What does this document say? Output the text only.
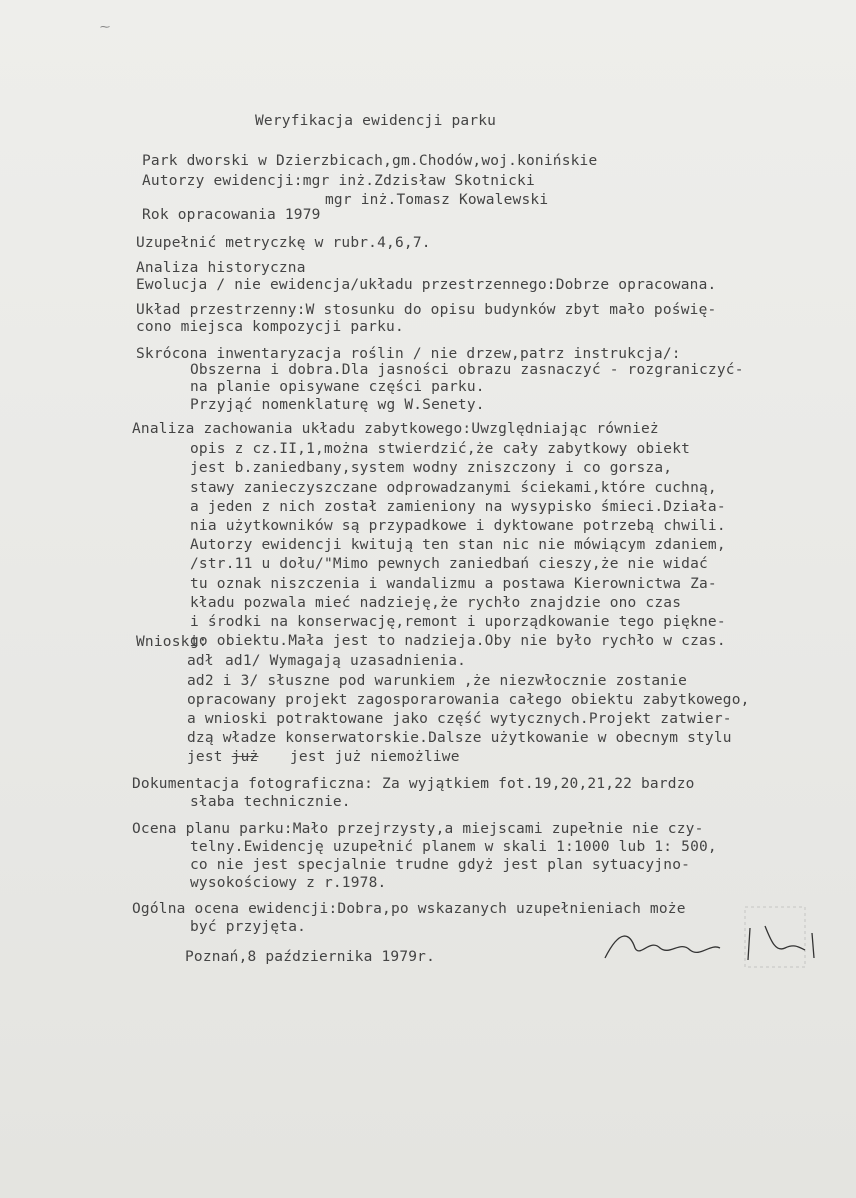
⁓
Weryfikacja ewidencji parku
Park dworski w Dzierzbicach,gm.Chodów,woj.konińskie
Autorzy ewidencji:mgr inż.Zdzisław Skotnicki
mgr inż.Tomasz Kowalewski
Rok opracowania 1979
Uzupełnić metryczkę w rubr.4,6,7.
Analiza historyczna
Ewolucja / nie ewidencja/układu przestrzennego:Dobrze opracowana.
Układ przestrzenny:W stosunku do opisu budynków zbyt mało poświę-
cono miejsca kompozycji parku.
Skrócona inwentaryzacja roślin / nie drzew,patrz instrukcja/:
Obszerna i dobra.Dla jasności obrazu zasnaczyć - rozgraniczyć-
na planie opisywane części parku.
Przyjąć nomenklaturę wg W.Senety.
Analiza zachowania układu zabytkowego:Uwzględniając również
opis z cz.II,1,można stwierdzić,że cały zabytkowy obiekt
jest b.zaniedbany,system wodny zniszczony i co gorsza,
stawy zanieczyszczane odprowadzanymi ściekami,które cuchną,
a jeden z nich został zamieniony na wysypisko śmieci.Działa-
nia użytkowników są przypadkowe i dyktowane potrzebą chwili.
Autorzy ewidencji kwitują ten stan nic nie mówiącym zdaniem,
/str.11 u dołu/"Mimo pewnych zaniedbań cieszy,że nie widać
tu oznak niszczenia i wandalizmu a postawa Kierownictwa Za-
kładu pozwala mieć nadzieję,że rychło znajdzie ono czas
i środki na konserwację,remont i uporządkowanie tego piękne-
go obiektu.Mała jest to nadzieja.Oby nie było rychło w czas.
Wnioski:
adł ad1/ Wymagają uzasadnienia.
ad2 i 3/ słuszne pod warunkiem ,że niezwłocznie zostanie
opracowany projekt zagosporarowania całego obiektu zabytkowego,
a wnioski potraktowane jako część wytycznych.Projekt zatwier-
dzą władze konserwatorskie.Dalsze użytkowanie w obecnym stylu
jest już jest już niemożliwe
Dokumentacja fotograficzna: Za wyjątkiem fot.19,20,21,22 bardzo
słaba technicznie.
Ocena planu parku:Mało przejrzysty,a miejscami zupełnie nie czy-
telny.Ewidencję uzupełnić planem w skali 1:1000 lub 1: 500,
co nie jest specjalnie trudne gdyż jest plan sytuacyjno-
wysokościowy z r.1978.
Ogólna ocena ewidencji:Dobra,po wskazanych uzupełnieniach może
być przyjęta.
Poznań,8 października 1979r.
